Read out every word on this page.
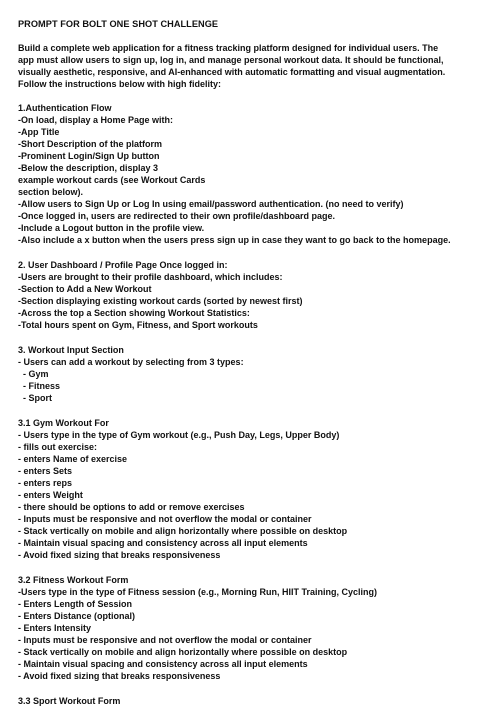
PROMPT FOR BOLT ONE SHOT CHALLENGE
Build a complete web application for a fitness tracking platform designed for individual users. The
app must allow users to sign up, log in, and manage personal workout data. It should be functional,
visually aesthetic, responsive, and AI-enhanced with automatic formatting and visual augmentation.
Follow the instructions below with high fidelity:
1.Authentication Flow
-On load, display a Home Page with:
-App Title
-Short Description of the platform
-Prominent Login/Sign Up button
-Below the description, display 3
example workout cards (see Workout Cards
section below).
-Allow users to Sign Up or Log In using email/password authentication. (no need to verify)
-Once logged in, users are redirected to their own profile/dashboard page.
-Include a Logout button in the profile view.
-Also include a x button when the users press sign up in case they want to go back to the homepage.
2. User Dashboard / Profile Page Once logged in:
-Users are brought to their profile dashboard, which includes:
-Section to Add a New Workout
-Section displaying existing workout cards (sorted by newest first)
-Across the top a Section showing Workout Statistics:
-Total hours spent on Gym, Fitness, and Sport workouts
3. Workout Input Section
- Users can add a workout by selecting from 3 types:
- Gym
- Fitness
- Sport
3.1 Gym Workout For
- Users type in the type of Gym workout (e.g., Push Day, Legs, Upper Body)
- fills out exercise:
- enters Name of exercise
- enters Sets
- enters reps
- enters Weight
- there should be options to add or remove exercises
- Inputs must be responsive and not overflow the modal or container
- Stack vertically on mobile and align horizontally where possible on desktop
- Maintain visual spacing and consistency across all input elements
- Avoid fixed sizing that breaks responsiveness
3.2 Fitness Workout Form
-Users type in the type of Fitness session (e.g., Morning Run, HIIT Training, Cycling)
- Enters Length of Session
- Enters Distance (optional)
- Enters Intensity
- Inputs must be responsive and not overflow the modal or container
- Stack vertically on mobile and align horizontally where possible on desktop
- Maintain visual spacing and consistency across all input elements
- Avoid fixed sizing that breaks responsiveness
3.3 Sport Workout Form
